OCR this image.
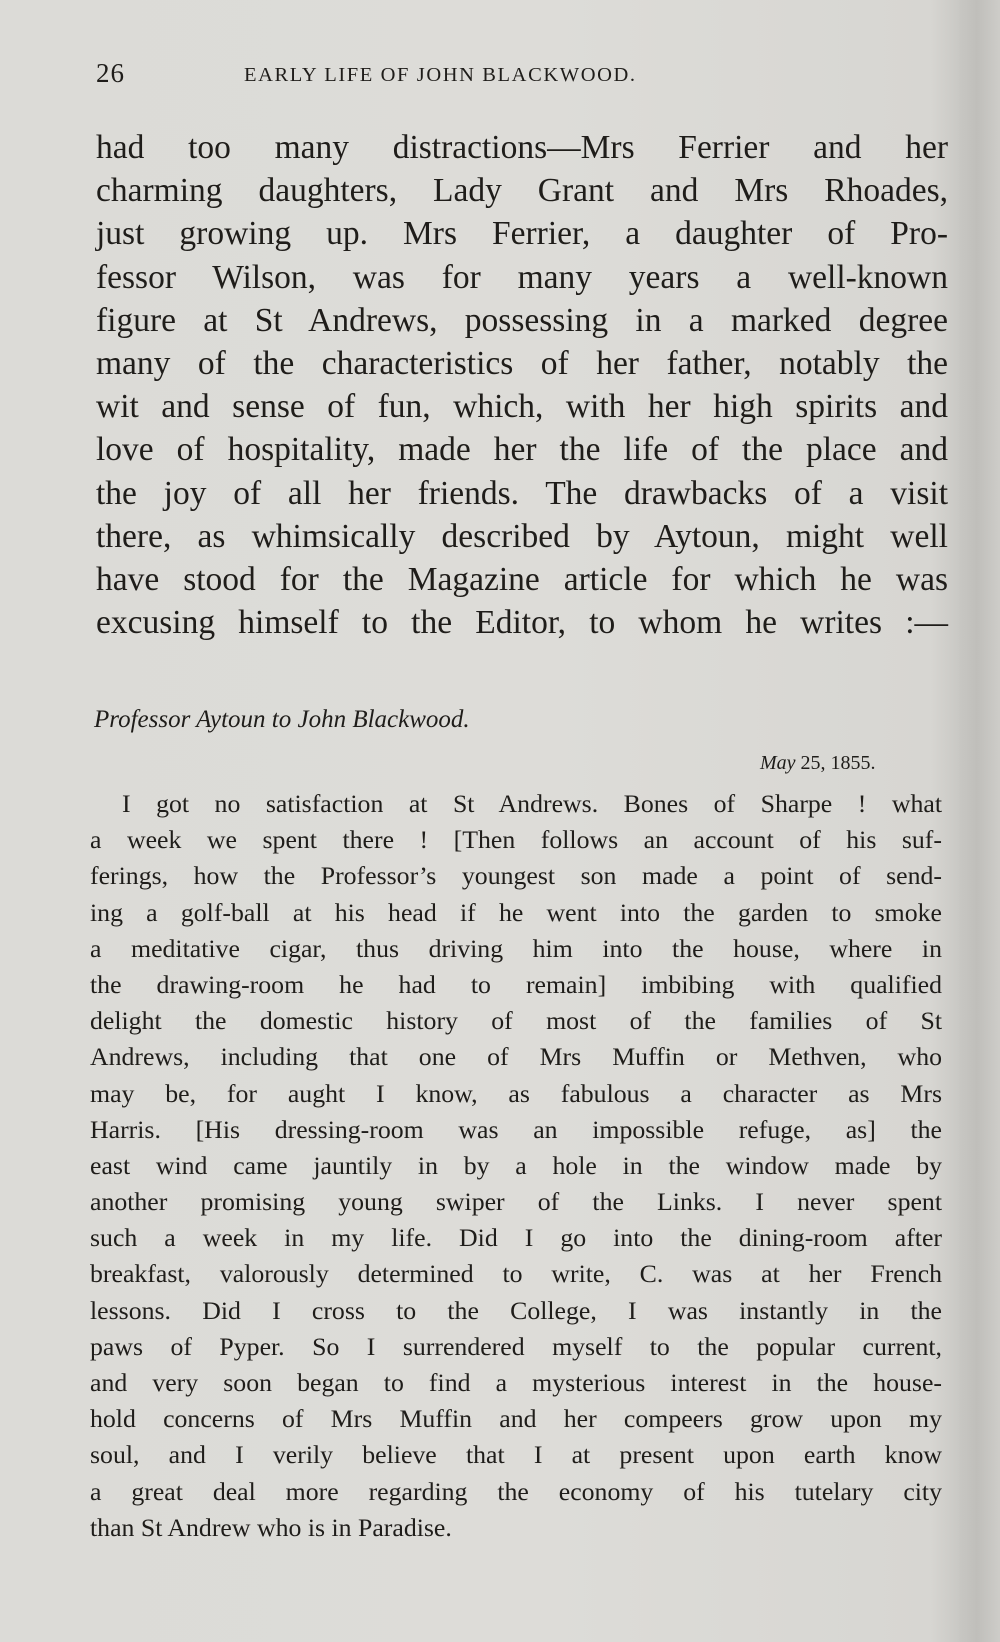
26	EARLY LIFE OF JOHN BLACKWOOD.
had too many distractions—Mrs Ferrier and her
charming daughters, Lady Grant and Mrs Rhoades,
just growing up. Mrs Ferrier, a daughter of Pro-
fessor Wilson, was for many years a well-known
figure at St Andrews, possessing in a marked degree
many of the characteristics of her father, notably the
wit and sense of fun, which, with her high spirits and
love of hospitality, made her the life of the place and
the joy of all her friends. The drawbacks of a visit
there, as whimsically described by Aytoun, might well
have stood for the Magazine article for which he was
excusing himself to the Editor, to whom he writes :—
Professor Aytoun to John Blackwood.
May 25, 1855.
I got no satisfaction at St Andrews. Bones of Sharpe ! what
a week we spent there ! [Then follows an account of his suf-
ferings, how the Professor’s youngest son made a point of send-
ing a golf-ball at his head if he went into the garden to smoke
a meditative cigar, thus driving him into the house, where in
the drawing-room he had to remain] imbibing with qualified
delight the domestic history of most of the families of St
Andrews, including that one of Mrs Muffin or Methven, who
may be, for aught I know, as fabulous a character as Mrs
Harris. [His dressing-room was an impossible refuge, as] the
east wind came jauntily in by a hole in the window made by
another promising young swiper of the Links. I never spent
such a week in my life. Did I go into the dining-room after
breakfast, valorously determined to write, C. was at her French
lessons. Did I cross to the College, I was instantly in the
paws of Pyper. So I surrendered myself to the popular current,
and very soon began to find a mysterious interest in the house-
hold concerns of Mrs Muffin and her compeers grow upon my
soul, and I verily believe that I at present upon earth know
a great deal more regarding the economy of his tutelary city
than St Andrew who is in Paradise.
